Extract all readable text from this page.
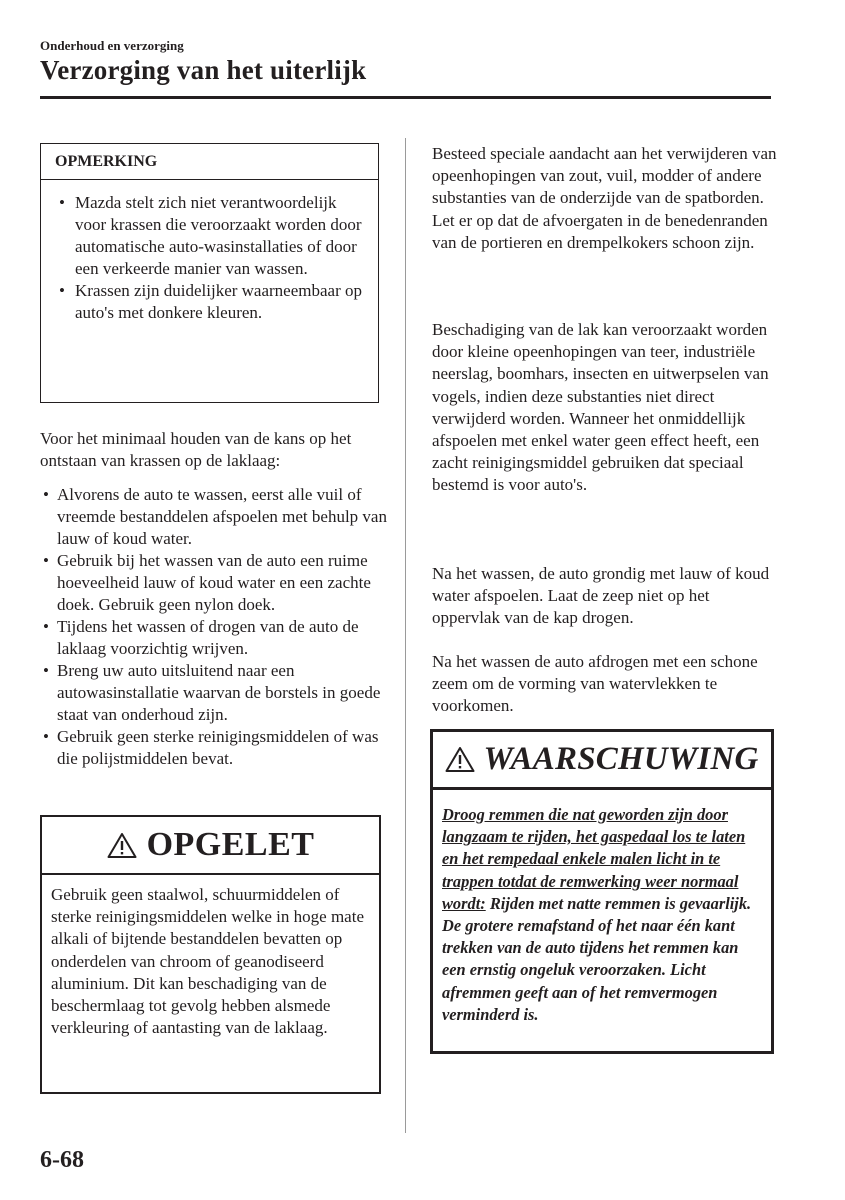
Onderhoud en verzorging
Verzorging van het uiterlijk
OPMERKING
• Mazda stelt zich niet verantwoordelijk voor krassen die veroorzaakt worden door automatische auto-wasinstallaties of door een verkeerde manier van wassen.
• Krassen zijn duidelijker waarneembaar op auto's met donkere kleuren.

Voor het minimaal houden van de kans op het ontstaan van krassen op de laklaag:

• Alvorens de auto te wassen, eerst alle vuil of vreemde bestanddelen afspoelen met behulp van lauw of koud water.
• Gebruik bij het wassen van de auto een ruime hoeveelheid lauw of koud water en een zachte doek. Gebruik geen nylon doek.
• Tijdens het wassen of drogen van de auto de laklaag voorzichtig wrijven.
• Breng uw auto uitsluitend naar een autowasinstallatie waarvan de borstels in goede staat van onderhoud zijn.
• Gebruik geen sterke reinigingsmiddelen of was die polijstmiddelen bevat.
OPGELET

Gebruik geen staalwol, schuurmiddelen of sterke reinigingsmiddelen welke in hoge mate alkali of bijtende bestanddelen bevatten op onderdelen van chroom of geanodiseerd aluminium. Dit kan beschadiging van de beschermlaag tot gevolg hebben alsmede verkleuring of aantasting van de laklaag.

Besteed speciale aandacht aan het verwijderen van opeenhopingen van zout, vuil, modder of andere substanties van de onderzijde van de spatborden. Let er op dat de afvoergaten in de benedenranden van de portieren en drempelkokers schoon zijn.

Beschadiging van de lak kan veroorzaakt worden door kleine opeenhopingen van teer, industriële neerslag, boomhars, insecten en uitwerpselen van vogels, indien deze substanties niet direct verwijderd worden. Wanneer het onmiddellijk afspoelen met enkel water geen effect heeft, een zacht reinigingsmiddel gebruiken dat speciaal bestemd is voor auto's.

Na het wassen, de auto grondig met lauw of koud water afspoelen. Laat de zeep niet op het oppervlak van de kap drogen.

Na het wassen de auto afdrogen met een schone zeem om de vorming van watervlekken te voorkomen.

WAARSCHUWING

Droog remmen die nat geworden zijn door langzaam te rijden, het gaspedaal los te laten en het rempedaal enkele malen licht in te trappen totdat de remwerking weer normaal wordt: Rijden met natte remmen is gevaarlijk. De grotere remafstand of het naar één kant trekken van de auto tijdens het remmen kan een ernstig ongeluk veroorzaken. Licht afremmen geeft aan of het remvermogen verminderd is.

6-68
